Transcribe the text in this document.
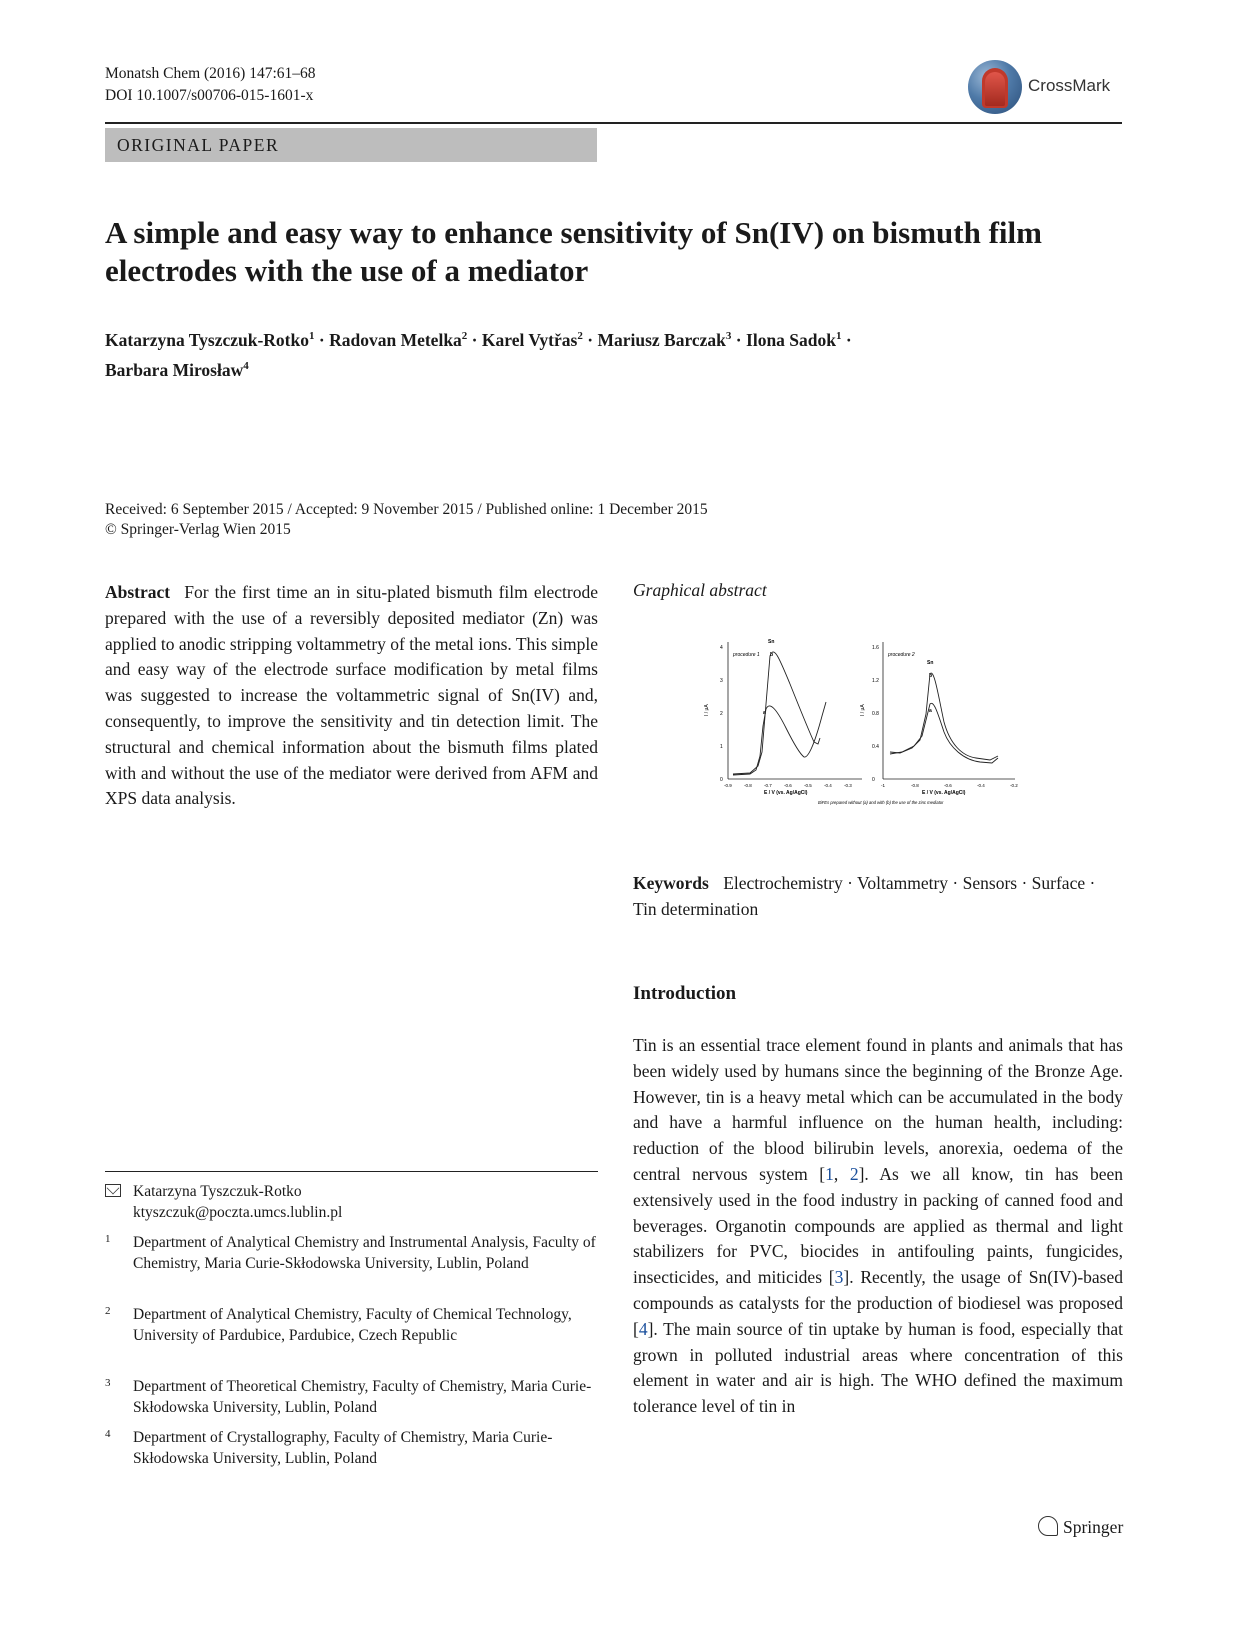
Monatsh Chem (2016) 147:61–68
DOI 10.1007/s00706-015-1601-x
CrossMark
ORIGINAL PAPER
A simple and easy way to enhance sensitivity of Sn(IV) on bismuth film electrodes with the use of a mediator
Katarzyna Tyszczuk-Rotko$^1$ · Radovan Metelka$^2$ · Karel Vytřas$^2$ · Mariusz Barczak$^3$ · Ilona Sadok$^1$ ·
Barbara Mirosław$^4$
Received: 6 September 2015 / Accepted: 9 November 2015 / Published online: 1 December 2015
© Springer-Verlag Wien 2015
Abstract For the first time an in situ-plated bismuth film electrode prepared with the use of a reversibly deposited mediator (Zn) was applied to anodic stripping voltammetry of the metal ions. This simple and easy way of the electrode surface modification by metal films was suggested to increase the voltammetric signal of Sn(IV) and, consequently, to improve the sensitivity and tin detection limit. The structural and chemical information about the bismuth films plated with and without the use of the mediator were derived from AFM and XPS data analysis.
Graphical abstract
procedure 1
I / µA
0
1
2
3
4
-0.9	-0.8	-0.7	-0.6	-0.5	-0.4	-0.3
E / V (vs. Ag/AgCl)
Sn
b
a
procedure 2
I / µA
0
0.4
0.8
1.2
1.6
-1	-0.8	-0.6	-0.4	-0.2
E / V (vs. Ag/AgCl)
Sn
b
a
BiFEs prepared without (a) and with (b) the use of the zinc mediator
Keywords Electrochemistry · Voltammetry · Sensors · Surface · Tin determination
Introduction
Tin is an essential trace element found in plants and animals that has been widely used by humans since the beginning of the Bronze Age. However, tin is a heavy metal which can be accumulated in the body and have a harmful influence on the human health, including: reduction of the blood bilirubin levels, anorexia, oedema of the central nervous system [1, 2]. As we all know, tin has been extensively used in the food industry in packing of canned food and beverages. Organotin compounds are applied as thermal and light stabilizers for PVC, biocides in antifouling paints, fungicides, insecticides, and miticides [3]. Recently, the usage of Sn(IV)-based compounds as catalysts for the production of biodiesel was proposed [4]. The main source of tin uptake by human is food, especially that grown in polluted industrial areas where concentration of this element in water and air is high. The WHO defined the maximum tolerance level of tin in
Katarzyna Tyszczuk-Rotko
ktyszczuk@poczta.umcs.lublin.pl
1 Department of Analytical Chemistry and Instrumental Analysis, Faculty of Chemistry, Maria Curie-Skłodowska University, Lublin, Poland
2 Department of Analytical Chemistry, Faculty of Chemical Technology, University of Pardubice, Pardubice, Czech Republic
3 Department of Theoretical Chemistry, Faculty of Chemistry, Maria Curie-Skłodowska University, Lublin, Poland
4 Department of Crystallography, Faculty of Chemistry, Maria Curie-Skłodowska University, Lublin, Poland
Springer
